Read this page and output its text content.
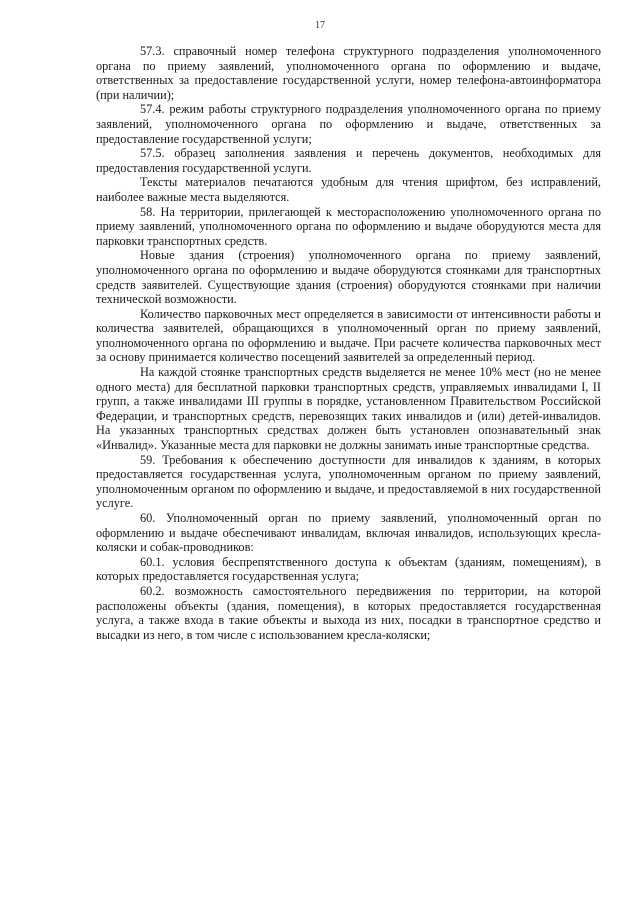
17

57.3. справочный номер телефона структурного подразделения уполномоченного органа по приему заявлений, уполномоченного органа по оформлению и выдаче, ответственных за предоставление государственной услуги, номер телефона-автоинформатора (при наличии);

57.4. режим работы структурного подразделения уполномоченного органа по приему заявлений, уполномоченного органа по оформлению и выдаче, ответственных за предоставление государственной услуги;

57.5. образец заполнения заявления и перечень документов, необходимых для предоставления государственной услуги.

Тексты материалов печатаются удобным для чтения шрифтом, без исправлений, наиболее важные места выделяются.

58. На территории, прилегающей к месторасположению уполномоченного органа по приему заявлений, уполномоченного органа по оформлению и выдаче оборудуются места для парковки транспортных средств.

Новые здания (строения) уполномоченного органа по приему заявлений, уполномоченного органа по оформлению и выдаче оборудуются стоянками для транспортных средств заявителей. Существующие здания (строения) оборудуются стоянками при наличии технической возможности.

Количество парковочных мест определяется в зависимости от интенсивности работы и количества заявителей, обращающихся в уполномоченный орган по приему заявлений, уполномоченного органа по оформлению и выдаче. При расчете количества парковочных мест за основу принимается количество посещений заявителей за определенный период.

На каждой стоянке транспортных средств выделяется не менее 10% мест (но не менее одного места) для бесплатной парковки транспортных средств, управляемых инвалидами I, II групп, а также инвалидами III группы в порядке, установленном Правительством Российской Федерации, и транспортных средств, перевозящих таких инвалидов и (или) детей-инвалидов. На указанных транспортных средствах должен быть установлен опознавательный знак «Инвалид». Указанные места для парковки не должны занимать иные транспортные средства.

59. Требования к обеспечению доступности для инвалидов к зданиям, в которых предоставляется государственная услуга, уполномоченным органом по приему заявлений, уполномоченным органом по оформлению и выдаче, и предоставляемой в них государственной услуге.

60. Уполномоченный орган по приему заявлений, уполномоченный орган по оформлению и выдаче обеспечивают инвалидам, включая инвалидов, использующих кресла-коляски и собак-проводников:

60.1. условия беспрепятственного доступа к объектам (зданиям, помещениям), в которых предоставляется государственная услуга;

60.2. возможность самостоятельного передвижения по территории, на которой расположены объекты (здания, помещения), в которых предоставляется государственная услуга, а также входа в такие объекты и выхода из них, посадки в транспортное средство и высадки из него, в том числе с использованием кресла-коляски;
